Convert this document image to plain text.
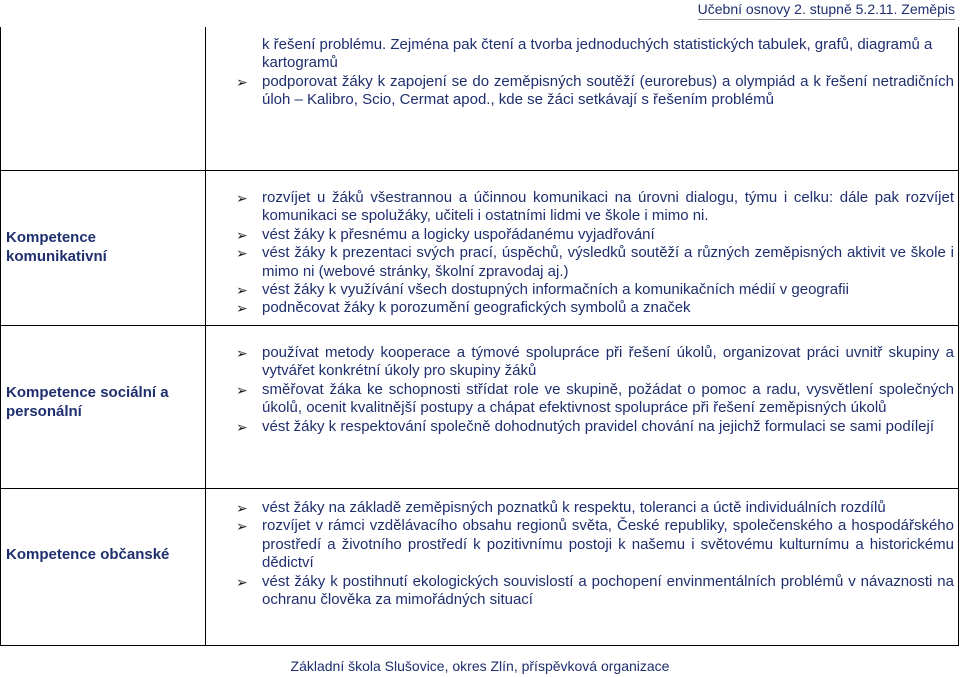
Učební osnovy 2. stupně 5.2.11. Zeměpis
k řešení problému. Zejména pak čtení a tvorba jednoduchých statistických tabulek, grafů, diagramů a kartogramů
➢ podporovat žáky k zapojení se do zeměpisných soutěží (eurorebus) a olympiád a k řešení netradičních úloh – Kalibro, Scio, Cermat apod., kde se žáci setkávají s řešením problémů
Kompetence komunikativní
➢ rozvíjet u žáků všestrannou a účinnou komunikaci na úrovni dialogu, týmu i celku: dále pak rozvíjet komunikaci se spolužáky, učiteli i ostatními lidmi ve škole i mimo ni.
➢ vést žáky k přesnému a logicky uspořádanému vyjadřování
➢ vést žáky k prezentaci svých prací, úspěchů, výsledků soutěží a různých zeměpisných aktivit ve škole i mimo ni (webové stránky, školní zpravodaj aj.)
➢ vést žáky k využívání všech dostupných informačních a komunikačních médií v geografii
➢ podněcovat žáky k porozumění geografických symbolů a značek
Kompetence sociální a personální
➢ používat metody kooperace a týmové spolupráce při řešení úkolů, organizovat práci uvnitř skupiny a vytvářet konkrétní úkoly pro skupiny žáků
➢ směřovat žáka ke schopnosti střídat role ve skupině, požádat o pomoc a radu, vysvětlení společných úkolů, ocenit kvalitnější postupy a chápat efektivnost spolupráce při řešení zeměpisných úkolů
➢ vést žáky k respektování společně dohodnutých pravidel chování na jejichž formulaci se sami podílejí
Kompetence občanské
➢ vést žáky na základě zeměpisných poznatků k respektu, toleranci a úctě individuálních rozdílů
➢ rozvíjet v rámci vzdělávacího obsahu regionů světa, České republiky, společenského a hospodářského prostředí a životního prostředí k pozitivnímu postoji k našemu i světovému kulturnímu a historickému dědictví
➢ vést žáky k postihnutí ekologických souvislostí a pochopení envinmentálních problémů v návaznosti na ochranu člověka za mimořádných situací
Základní škola Slušovice, okres Zlín, příspěvková organizace
